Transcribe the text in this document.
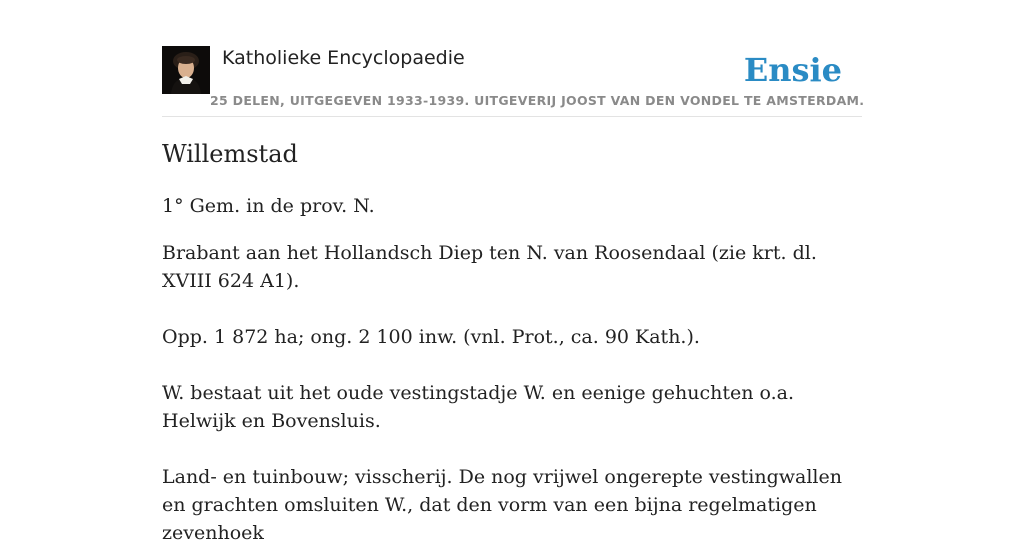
Katholieke Encyclopaedie
25 DELEN, UITGEGEVEN 1933-1939. UITGEVERIJ JOOST VAN DEN VONDEL TE AMSTERDAM.
Ensie
Willemstad

1° Gem. in de prov. N.

Brabant aan het Hollandsch Diep ten N. van Roosendaal (zie krt. dl. XVIII 624 A1).

Opp. 1 872 ha; ong. 2 100 inw. (vnl. Prot., ca. 90 Kath.).

W. bestaat uit het oude vestingstadje W. en eenige gehuchten o.a. Helwijk en Bovensluis.

Land- en tuinbouw; visscherij. De nog vrijwel ongerepte vestingwallen en grachten omsluiten W., dat den vorm van een bijna regelmatigen zevenhoek
